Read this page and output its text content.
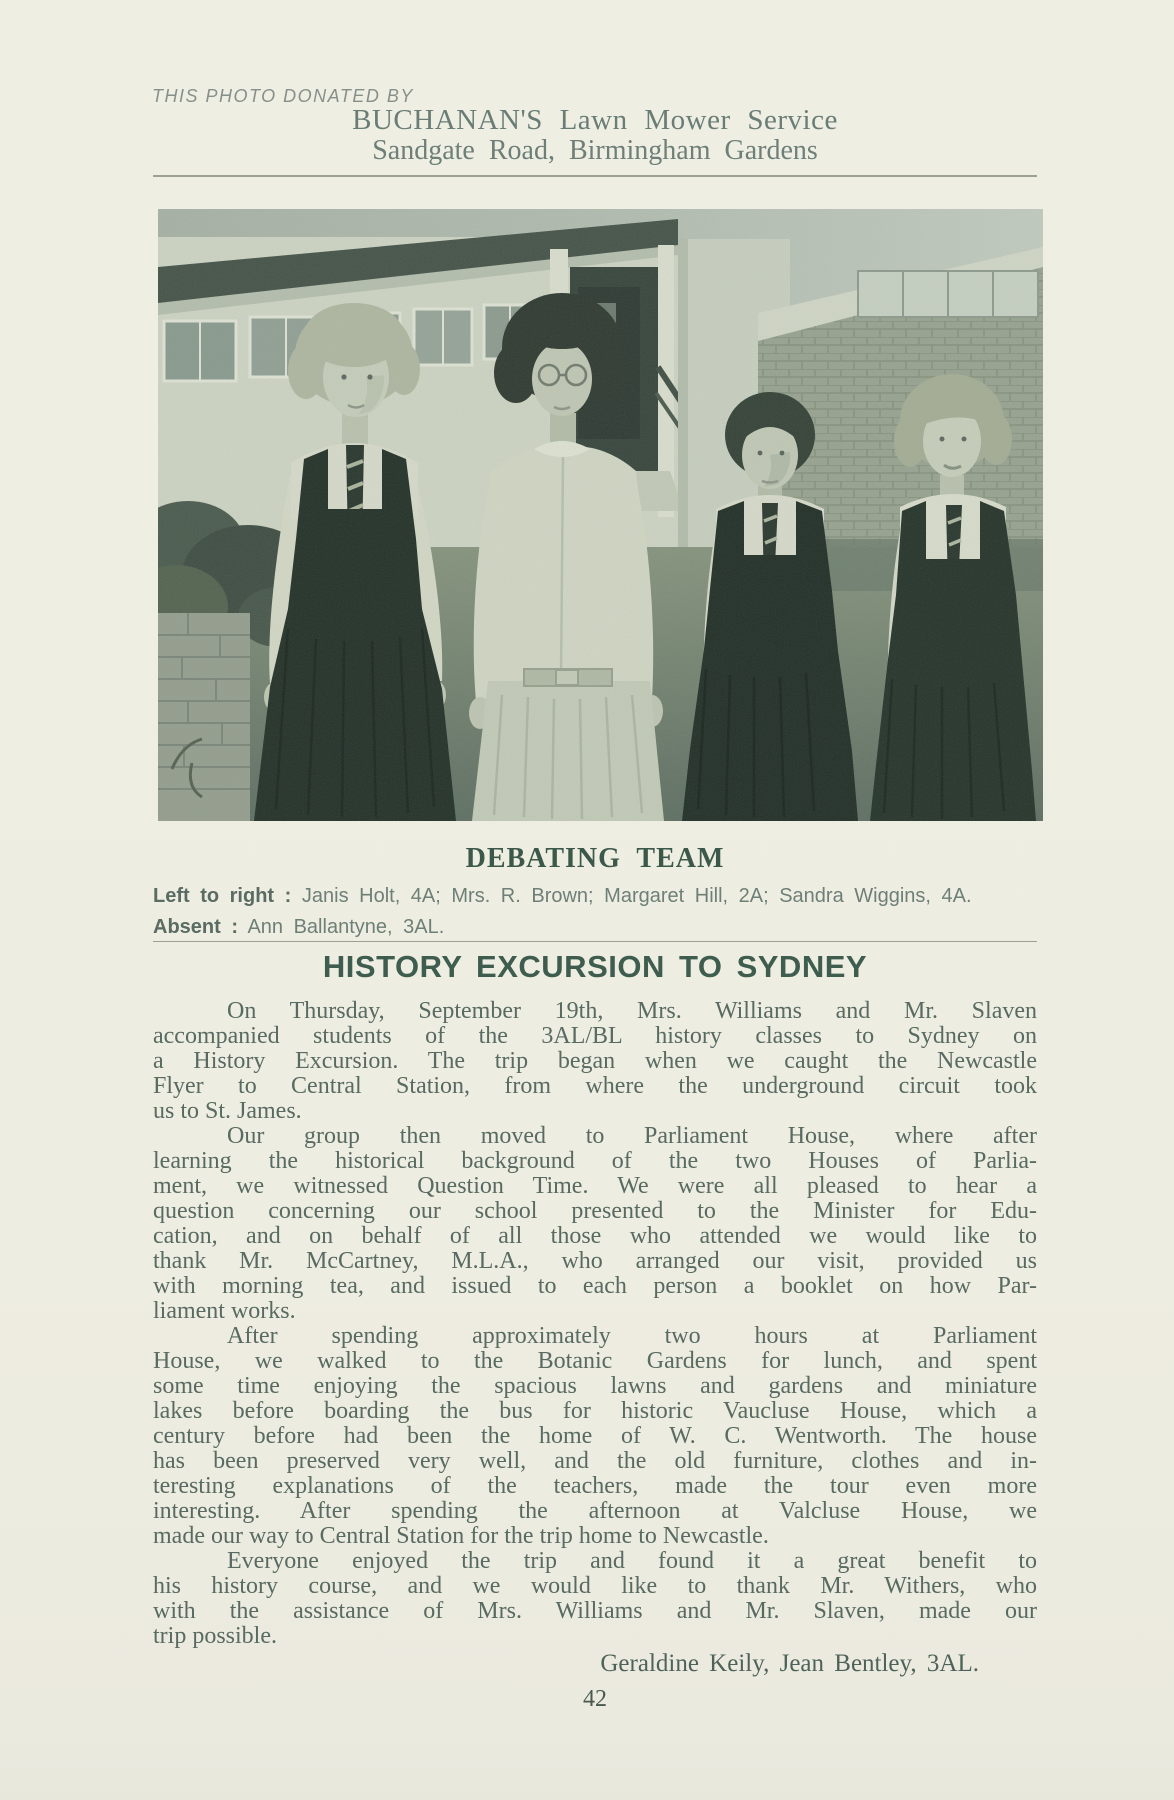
THIS PHOTO DONATED BY
BUCHANAN'S Lawn Mower Service
Sandgate Road, Birmingham Gardens
DEBATING TEAM

Left to right : Janis Holt, 4A; Mrs. R. Brown; Margaret Hill, 2A; Sandra Wiggins, 4A.
Absent : Ann Ballantyne, 3AL.

HISTORY EXCURSION TO SYDNEY
On Thursday, September 19th, Mrs. Williams and Mr. Slaven
accompanied students of the 3AL/BL history classes to Sydney on
a History Excursion. The trip began when we caught the Newcastle
Flyer to Central Station, from where the underground circuit took
us to St. James.
Our group then moved to Parliament House, where after
learning the historical background of the two Houses of Parlia-
ment, we witnessed Question Time. We were all pleased to hear a
question concerning our school presented to the Minister for Edu-
cation, and on behalf of all those who attended we would like to
thank Mr. McCartney, M.L.A., who arranged our visit, provided us
with morning tea, and issued to each person a booklet on how Par-
liament works.
After spending approximately two hours at Parliament
House, we walked to the Botanic Gardens for lunch, and spent
some time enjoying the spacious lawns and gardens and miniature
lakes before boarding the bus for historic Vaucluse House, which a
century before had been the home of W. C. Wentworth. The house
has been preserved very well, and the old furniture, clothes and in-
teresting explanations of the teachers, made the tour even more
interesting. After spending the afternoon at Valcluse House, we
made our way to Central Station for the trip home to Newcastle.
Everyone enjoyed the trip and found it a great benefit to
his history course, and we would like to thank Mr. Withers, who
with the assistance of Mrs. Williams and Mr. Slaven, made our
trip possible.
Geraldine Keily, Jean Bentley, 3AL.
42
